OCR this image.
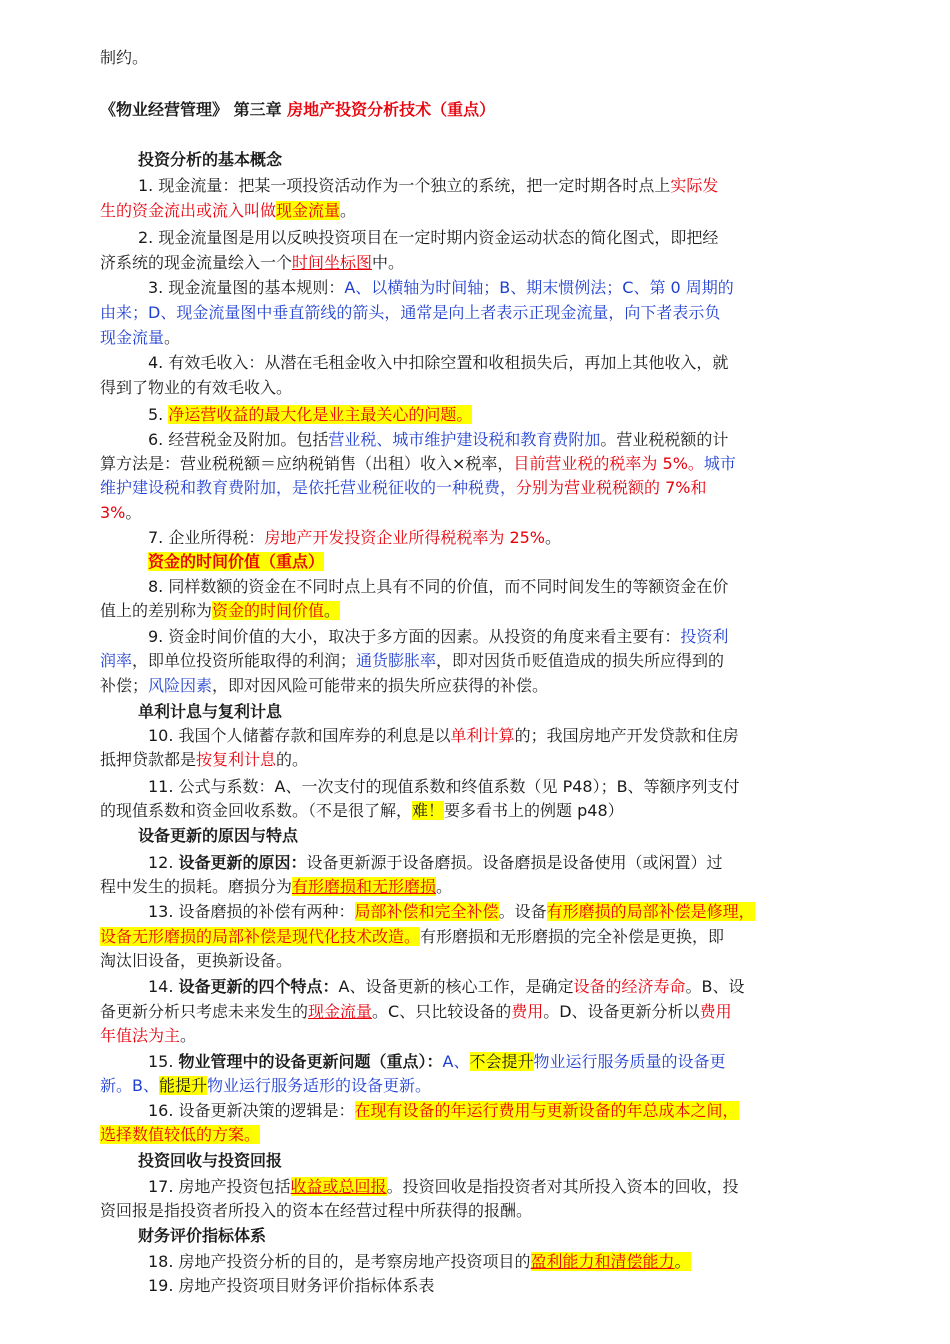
制约。
《物业经营管理》 第三章 房地产投资分析技术（重点）
投资分析的基本概念
1. 现金流量：把某一项投资活动作为一个独立的系统，把一定时期各时点上实际发
生的资金流出或流入叫做现金流量。
2. 现金流量图是用以反映投资项目在一定时期内资金运动状态的简化图式，即把经
济系统的现金流量绘入一个时间坐标图中。
3. 现金流量图的基本规则：A、以横轴为时间轴；B、期末惯例法；C、第 0 周期的
由来；D、现金流量图中垂直箭线的箭头，通常是向上者表示正现金流量，向下者表示负
现金流量。
4. 有效毛收入：从潜在毛租金收入中扣除空置和收租损失后，再加上其他收入，就
得到了物业的有效毛收入。
5. 净运营收益的最大化是业主最关心的问题。
6. 经营税金及附加。包括营业税、城市维护建设税和教育费附加。营业税税额的计
算方法是：营业税税额＝应纳税销售（出租）收入×税率，目前营业税的税率为 5%。城市
维护建设税和教育费附加，是依托营业税征收的一种税费，分别为营业税税额的 7%和
3%。
7. 企业所得税：房地产开发投资企业所得税税率为 25%。
资金的时间价值（重点）
8. 同样数额的资金在不同时点上具有不同的价值，而不同时间发生的等额资金在价
值上的差别称为资金的时间价值。
9. 资金时间价值的大小，取决于多方面的因素。从投资的角度来看主要有：投资利
润率，即单位投资所能取得的利润；通货膨胀率，即对因货币贬值造成的损失所应得到的
补偿；风险因素，即对因风险可能带来的损失所应获得的补偿。
单利计息与复利计息
10. 我国个人储蓄存款和国库券的利息是以单利计算的；我国房地产开发贷款和住房
抵押贷款都是按复利计息的。
11. 公式与系数：A、一次支付的现值系数和终值系数（见 P48）；B、等额序列支付
的现值系数和资金回收系数。（不是很了解，难！要多看书上的例题 p48）
设备更新的原因与特点
12. 设备更新的原因：设备更新源于设备磨损。设备磨损是设备使用（或闲置）过
程中发生的损耗。磨损分为有形磨损和无形磨损。
13. 设备磨损的补偿有两种：局部补偿和完全补偿。设备有形磨损的局部补偿是修理，
设备无形磨损的局部补偿是现代化技术改造。有形磨损和无形磨损的完全补偿是更换，即
淘汰旧设备，更换新设备。
14. 设备更新的四个特点：A、设备更新的核心工作，是确定设备的经济寿命。B、设
备更新分析只考虑未来发生的现金流量。C、只比较设备的费用。D、设备更新分析以费用
年值法为主。
15. 物业管理中的设备更新问题（重点）：A、不会提升物业运行服务质量的设备更
新。B、能提升物业运行服务适形的设备更新。
16. 设备更新决策的逻辑是：在现有设备的年运行费用与更新设备的年总成本之间，
选择数值较低的方案。
投资回收与投资回报
17. 房地产投资包括收益或总回报。投资回收是指投资者对其所投入资本的回收，投
资回报是指投资者所投入的资本在经营过程中所获得的报酬。
财务评价指标体系
18. 房地产投资分析的目的，是考察房地产投资项目的盈利能力和清偿能力。
19. 房地产投资项目财务评价指标体系表
